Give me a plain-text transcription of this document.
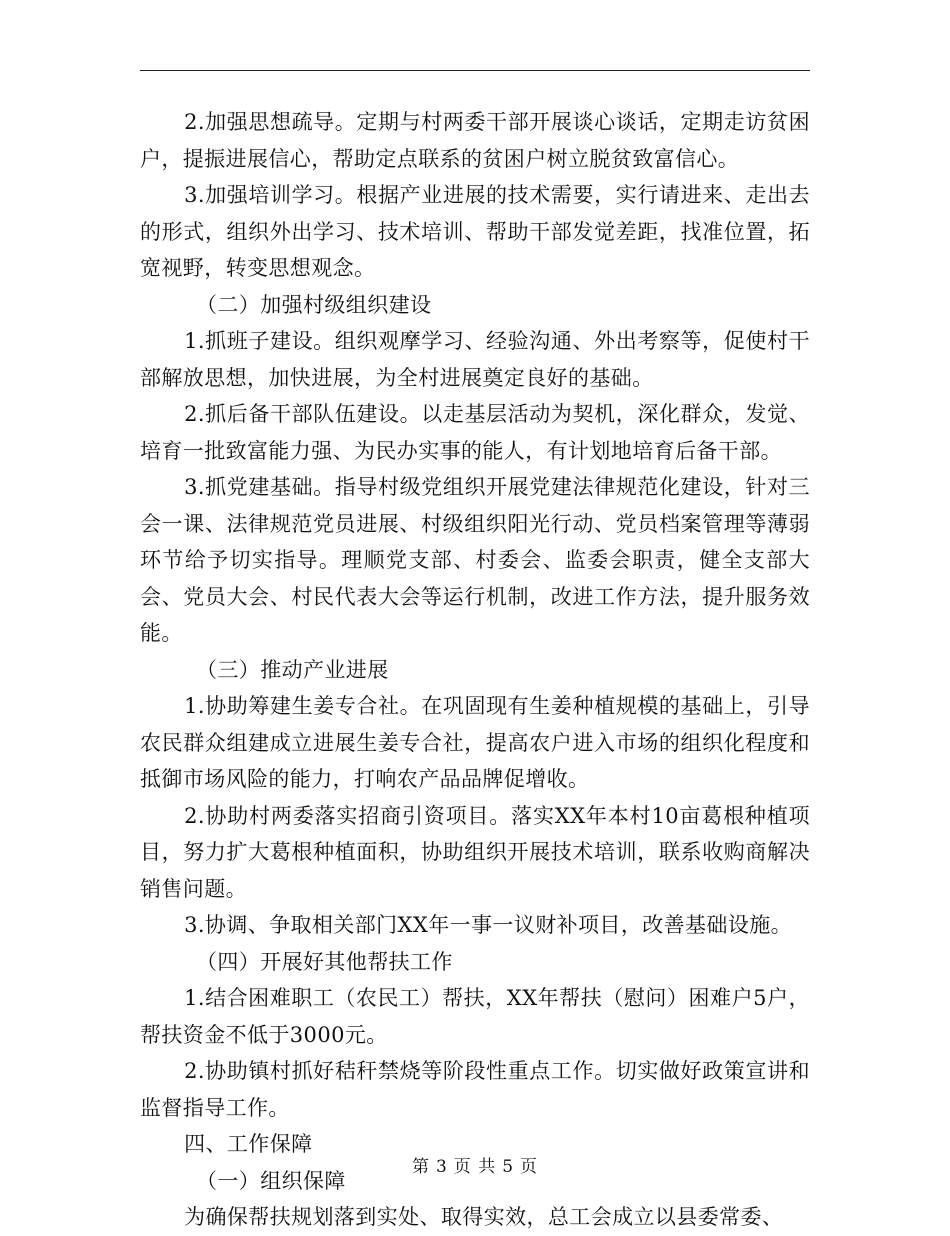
2.加强思想疏导。定期与村两委干部开展谈心谈话，定期走访贫困户，提振进展信心，帮助定点联系的贫困户树立脱贫致富信心。

3.加强培训学习。根据产业进展的技术需要，实行请进来、走出去的形式，组织外出学习、技术培训、帮助干部发觉差距，找准位置，拓宽视野，转变思想观念。

（二）加强村级组织建设

1.抓班子建设。组织观摩学习、经验沟通、外出考察等，促使村干部解放思想，加快进展，为全村进展奠定良好的基础。

2.抓后备干部队伍建设。以走基层活动为契机，深化群众，发觉、培育一批致富能力强、为民办实事的能人，有计划地培育后备干部。

3.抓党建基础。指导村级党组织开展党建法律规范化建设，针对三会一课、法律规范党员进展、村级组织阳光行动、党员档案管理等薄弱环节给予切实指导。理顺党支部、村委会、监委会职责，健全支部大会、党员大会、村民代表大会等运行机制，改进工作方法，提升服务效能。

（三）推动产业进展

1.协助筹建生姜专合社。在巩固现有生姜种植规模的基础上，引导农民群众组建成立进展生姜专合社，提高农户进入市场的组织化程度和抵御市场风险的能力，打响农产品品牌促增收。

2.协助村两委落实招商引资项目。落实XX年本村10亩葛根种植项目，努力扩大葛根种植面积，协助组织开展技术培训，联系收购商解决销售问题。

3.协调、争取相关部门XX年一事一议财补项目，改善基础设施。

（四）开展好其他帮扶工作

1.结合困难职工（农民工）帮扶，XX年帮扶（慰问）困难户5户，帮扶资金不低于3000元。

2.协助镇村抓好秸秆禁烧等阶段性重点工作。切实做好政策宣讲和监督指导工作。

四、工作保障

（一）组织保障

为确保帮扶规划落到实处、取得实效，总工会成立以县委常委、

第 3 页 共 5 页
